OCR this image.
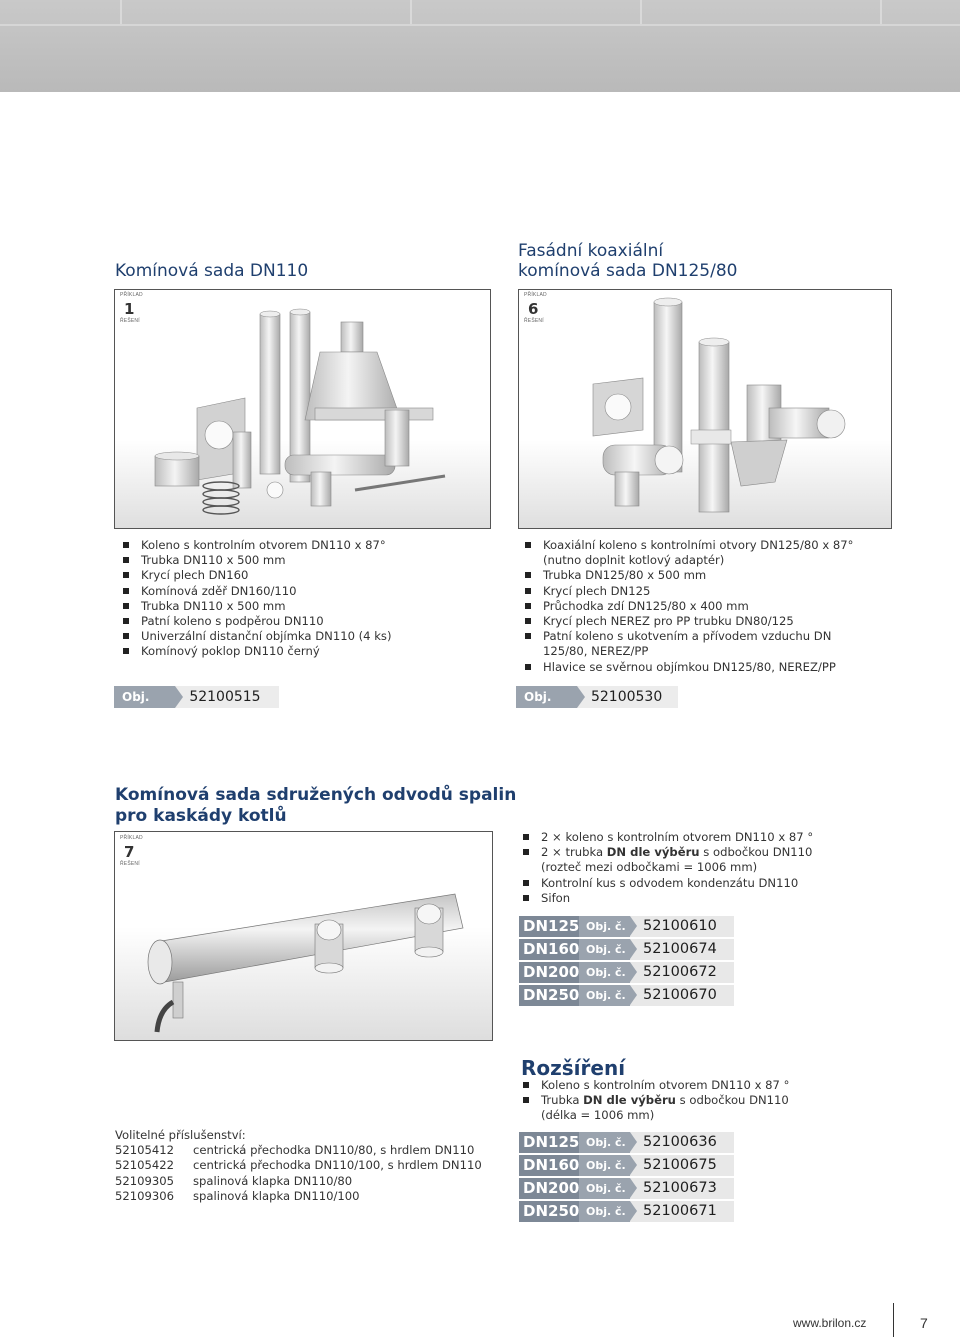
Komínová sada DN110
PŘÍKLAD
1
ŘEŠENÍ
Koleno s kontrolním otvorem DN110 x 87°
Trubka DN110 x 500 mm
Krycí plech DN160
Komínová zděř DN160/110
Trubka DN110 x 500 mm
Patní koleno s podpěrou DN110
Univerzální distanční objímka DN110 (4 ks)
Komínový poklop DN110 černý
Obj. č.
52100515
Fasádní koaxiální
komínová sada DN125/80
PŘÍKLAD
6
ŘEŠENÍ
Koaxiální koleno s kontrolními otvory DN125/80 x 87°
(nutno doplnit kotlový adaptér)
Trubka DN125/80 x 500 mm
Krycí plech DN125
Průchodka zdí DN125/80 x 400 mm
Krycí plech NEREZ pro PP trubku DN80/125
Patní koleno s ukotvením a přívodem vzduchu DN
125/80, NEREZ/PP
Hlavice se svěrnou objímkou DN125/80, NEREZ/PP
Obj. č.
52100530
Komínová sada sdružených odvodů spalin
pro kaskády kotlů
PŘÍKLAD
7
ŘEŠENÍ
2 × koleno s kontrolním otvorem DN110 x 87 °
2 × trubka DN dle výběru s odbočkou DN110
(rozteč mezi odbočkami = 1006 mm)
Kontrolní kus s odvodem kondenzátu DN110
Sifon
DN125 Obj. č.	52100610
DN160 Obj. č.	52100674
DN200 Obj. č.	52100672
DN250 Obj. č.	52100670
Volitelné příslušenství:
52105412	centrická přechodka DN110/80, s hrdlem DN110
52105422	centrická přechodka DN110/100, s hrdlem DN110
52109305	spalinová klapka DN110/80
52109306	spalinová klapka DN110/100
Rozšíření
Koleno s kontrolním otvorem DN110 x 87 °
Trubka DN dle výběru s odbočkou DN110
(délka = 1006 mm)
DN125 Obj. č.	52100636
DN160 Obj. č.	52100675
DN200 Obj. č.	52100673
DN250 Obj. č.	52100671
www.brilon.cz	7
